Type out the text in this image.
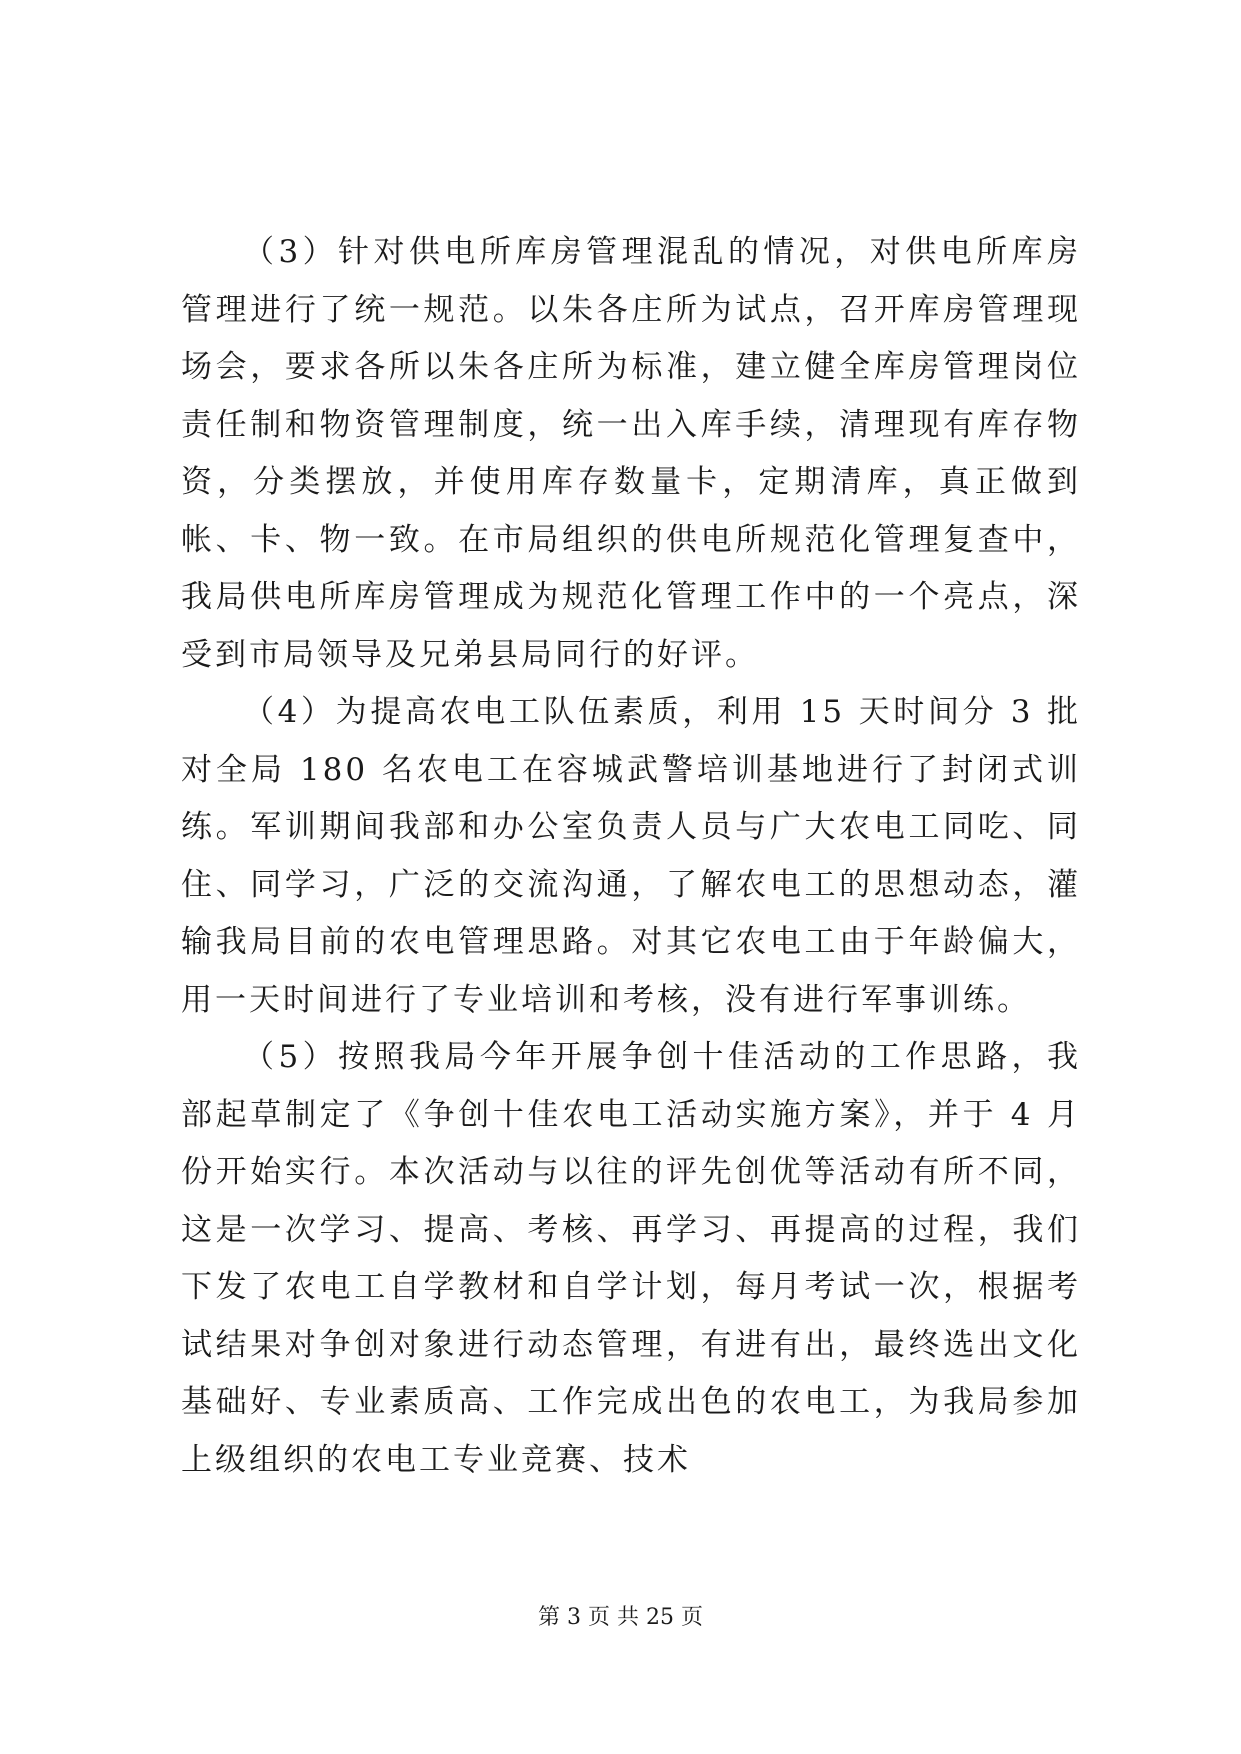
（3）针对供电所库房管理混乱的情况，对供电所库房管理进行了统一规范。以朱各庄所为试点，召开库房管理现场会，要求各所以朱各庄所为标准，建立健全库房管理岗位责任制和物资管理制度，统一出入库手续，清理现有库存物资，分类摆放，并使用库存数量卡，定期清库，真正做到帐、卡、物一致。在市局组织的供电所规范化管理复查中，我局供电所库房管理成为规范化管理工作中的一个亮点，深受到市局领导及兄弟县局同行的好评。

（4）为提高农电工队伍素质，利用 15 天时间分 3 批对全局 180 名农电工在容城武警培训基地进行了封闭式训练。军训期间我部和办公室负责人员与广大农电工同吃、同住、同学习，广泛的交流沟通，了解农电工的思想动态，灌输我局目前的农电管理思路。对其它农电工由于年龄偏大，用一天时间进行了专业培训和考核，没有进行军事训练。

（5）按照我局今年开展争创十佳活动的工作思路，我部起草制定了《争创十佳农电工活动实施方案》，并于 4 月份开始实行。本次活动与以往的评先创优等活动有所不同，这是一次学习、提高、考核、再学习、再提高的过程，我们下发了农电工自学教材和自学计划，每月考试一次，根据考试结果对争创对象进行动态管理，有进有出，最终选出文化基础好、专业素质高、工作完成出色的农电工，为我局参加上级组织的农电工专业竞赛、技术

第 3 页 共 25 页
